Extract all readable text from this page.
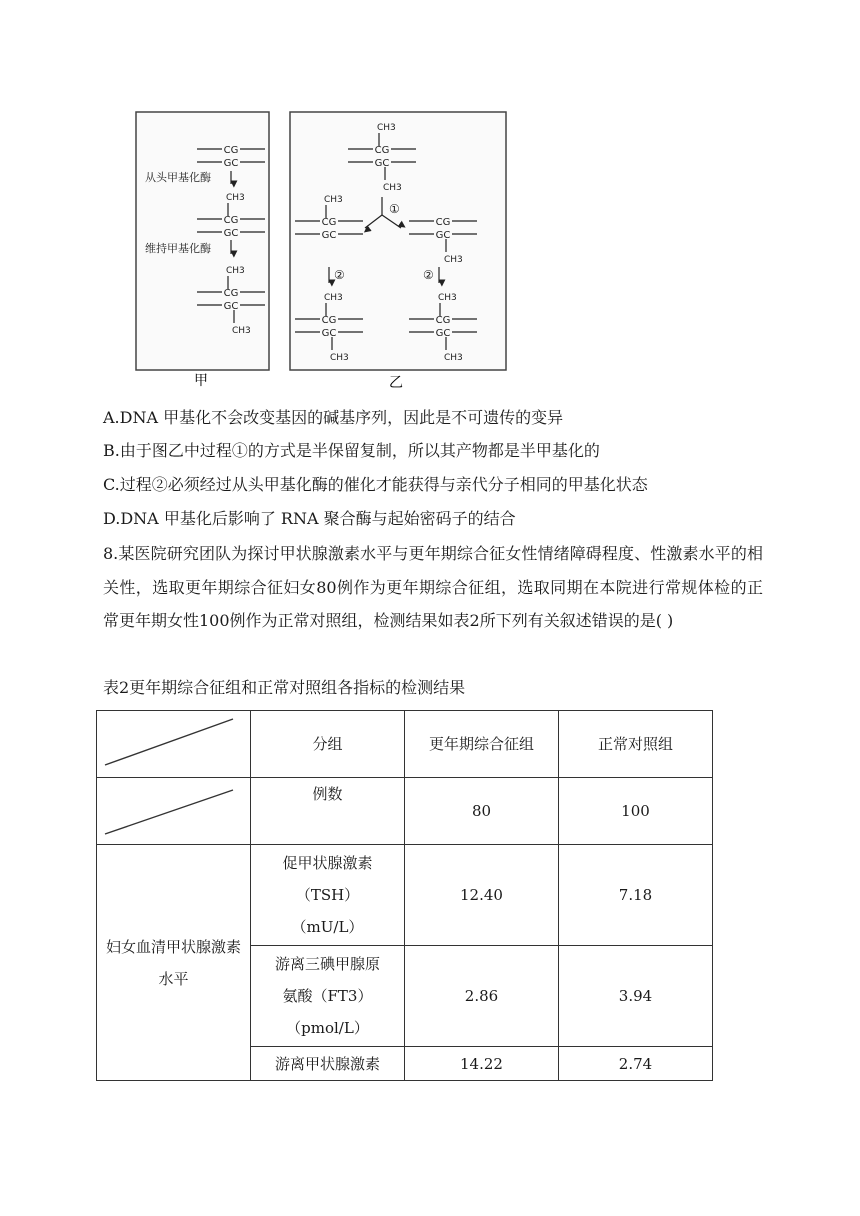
CG
GC
从头甲基化酶
CG
GC
CH3
维持甲基化酶
CG
GC
CH3
CH3
CG
GC
CH3
CH3
①
CG
GC
CH3
CG
GC
CH3
②	②
CG
GC
CH3
CH3
CG
GC
CH3
CH3
甲	乙
A.DNA 甲基化不会改变基因的碱基序列，因此是不可遗传的变异
B.由于图乙中过程①的方式是半保留复制，所以其产物都是半甲基化的
C.过程②必须经过从头甲基化酶的催化才能获得与亲代分子相同的甲基化状态
D.DNA 甲基化后影响了 RNA 聚合酶与起始密码子的结合
8.某医院研究团队为探讨甲状腺激素水平与更年期综合征女性情绪障碍程度、性激素水平的相关性，选取更年期综合征妇女80例作为更年期综合征组，选取同期在本院进行常规体检的正常更年期女性100例作为正常对照组，检测结果如表2所下列有关叙述错误的是( )
表2更年期综合征组和正常对照组各指标的检测结果
	分组	更年期综合征组	正常对照组

	例数	80	100

妇女血清甲状腺激素水平	促甲状腺激素
（TSH）
（mU/L）	12.40	7.18

	游离三碘甲腺原
氨酸（FT3）
（pmol/L）	2.86	3.94
	游离甲状腺激素	14.22	2.74
